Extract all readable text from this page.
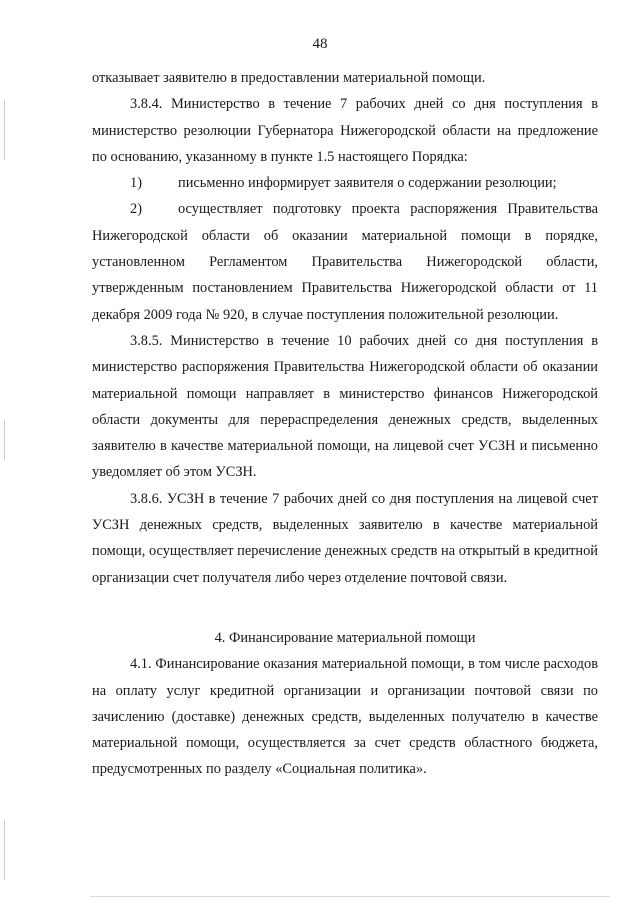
48

отказывает заявителю в предоставлении материальной помощи.

3.8.4. Министерство в течение 7 рабочих дней со дня поступления в министерство резолюции Губернатора Нижегородской области на предложение по основанию, указанному в пункте 1.5 настоящего Порядка:

1)	письменно информирует заявителя о содержании резолюции;

2)	осуществляет подготовку проекта распоряжения Правительства Нижегородской области об оказании материальной помощи в порядке, установленном Регламентом Правительства Нижегородской области, утвержденным постановлением Правительства Нижегородской области от 11 декабря 2009 года № 920, в случае поступления положительной резолюции.

3.8.5. Министерство в течение 10 рабочих дней со дня поступления в министерство распоряжения Правительства Нижегородской области об оказании материальной помощи направляет в министерство финансов Нижегородской области документы для перераспределения денежных средств, выделенных заявителю в качестве материальной помощи, на лицевой счет УСЗН и письменно уведомляет об этом УСЗН.

3.8.6. УСЗН в течение 7 рабочих дней со дня поступления на лицевой счет УСЗН денежных средств, выделенных заявителю в качестве материальной помощи, осуществляет перечисление денежных средств на открытый в кредитной организации счет получателя либо через отделение почтовой связи.

4. Финансирование материальной помощи

4.1. Финансирование оказания материальной помощи, в том числе расходов на оплату услуг кредитной организации и организации почтовой связи по зачислению (доставке) денежных средств, выделенных получателю в качестве материальной помощи, осуществляется за счет средств областного бюджета, предусмотренных по разделу «Социальная политика».
